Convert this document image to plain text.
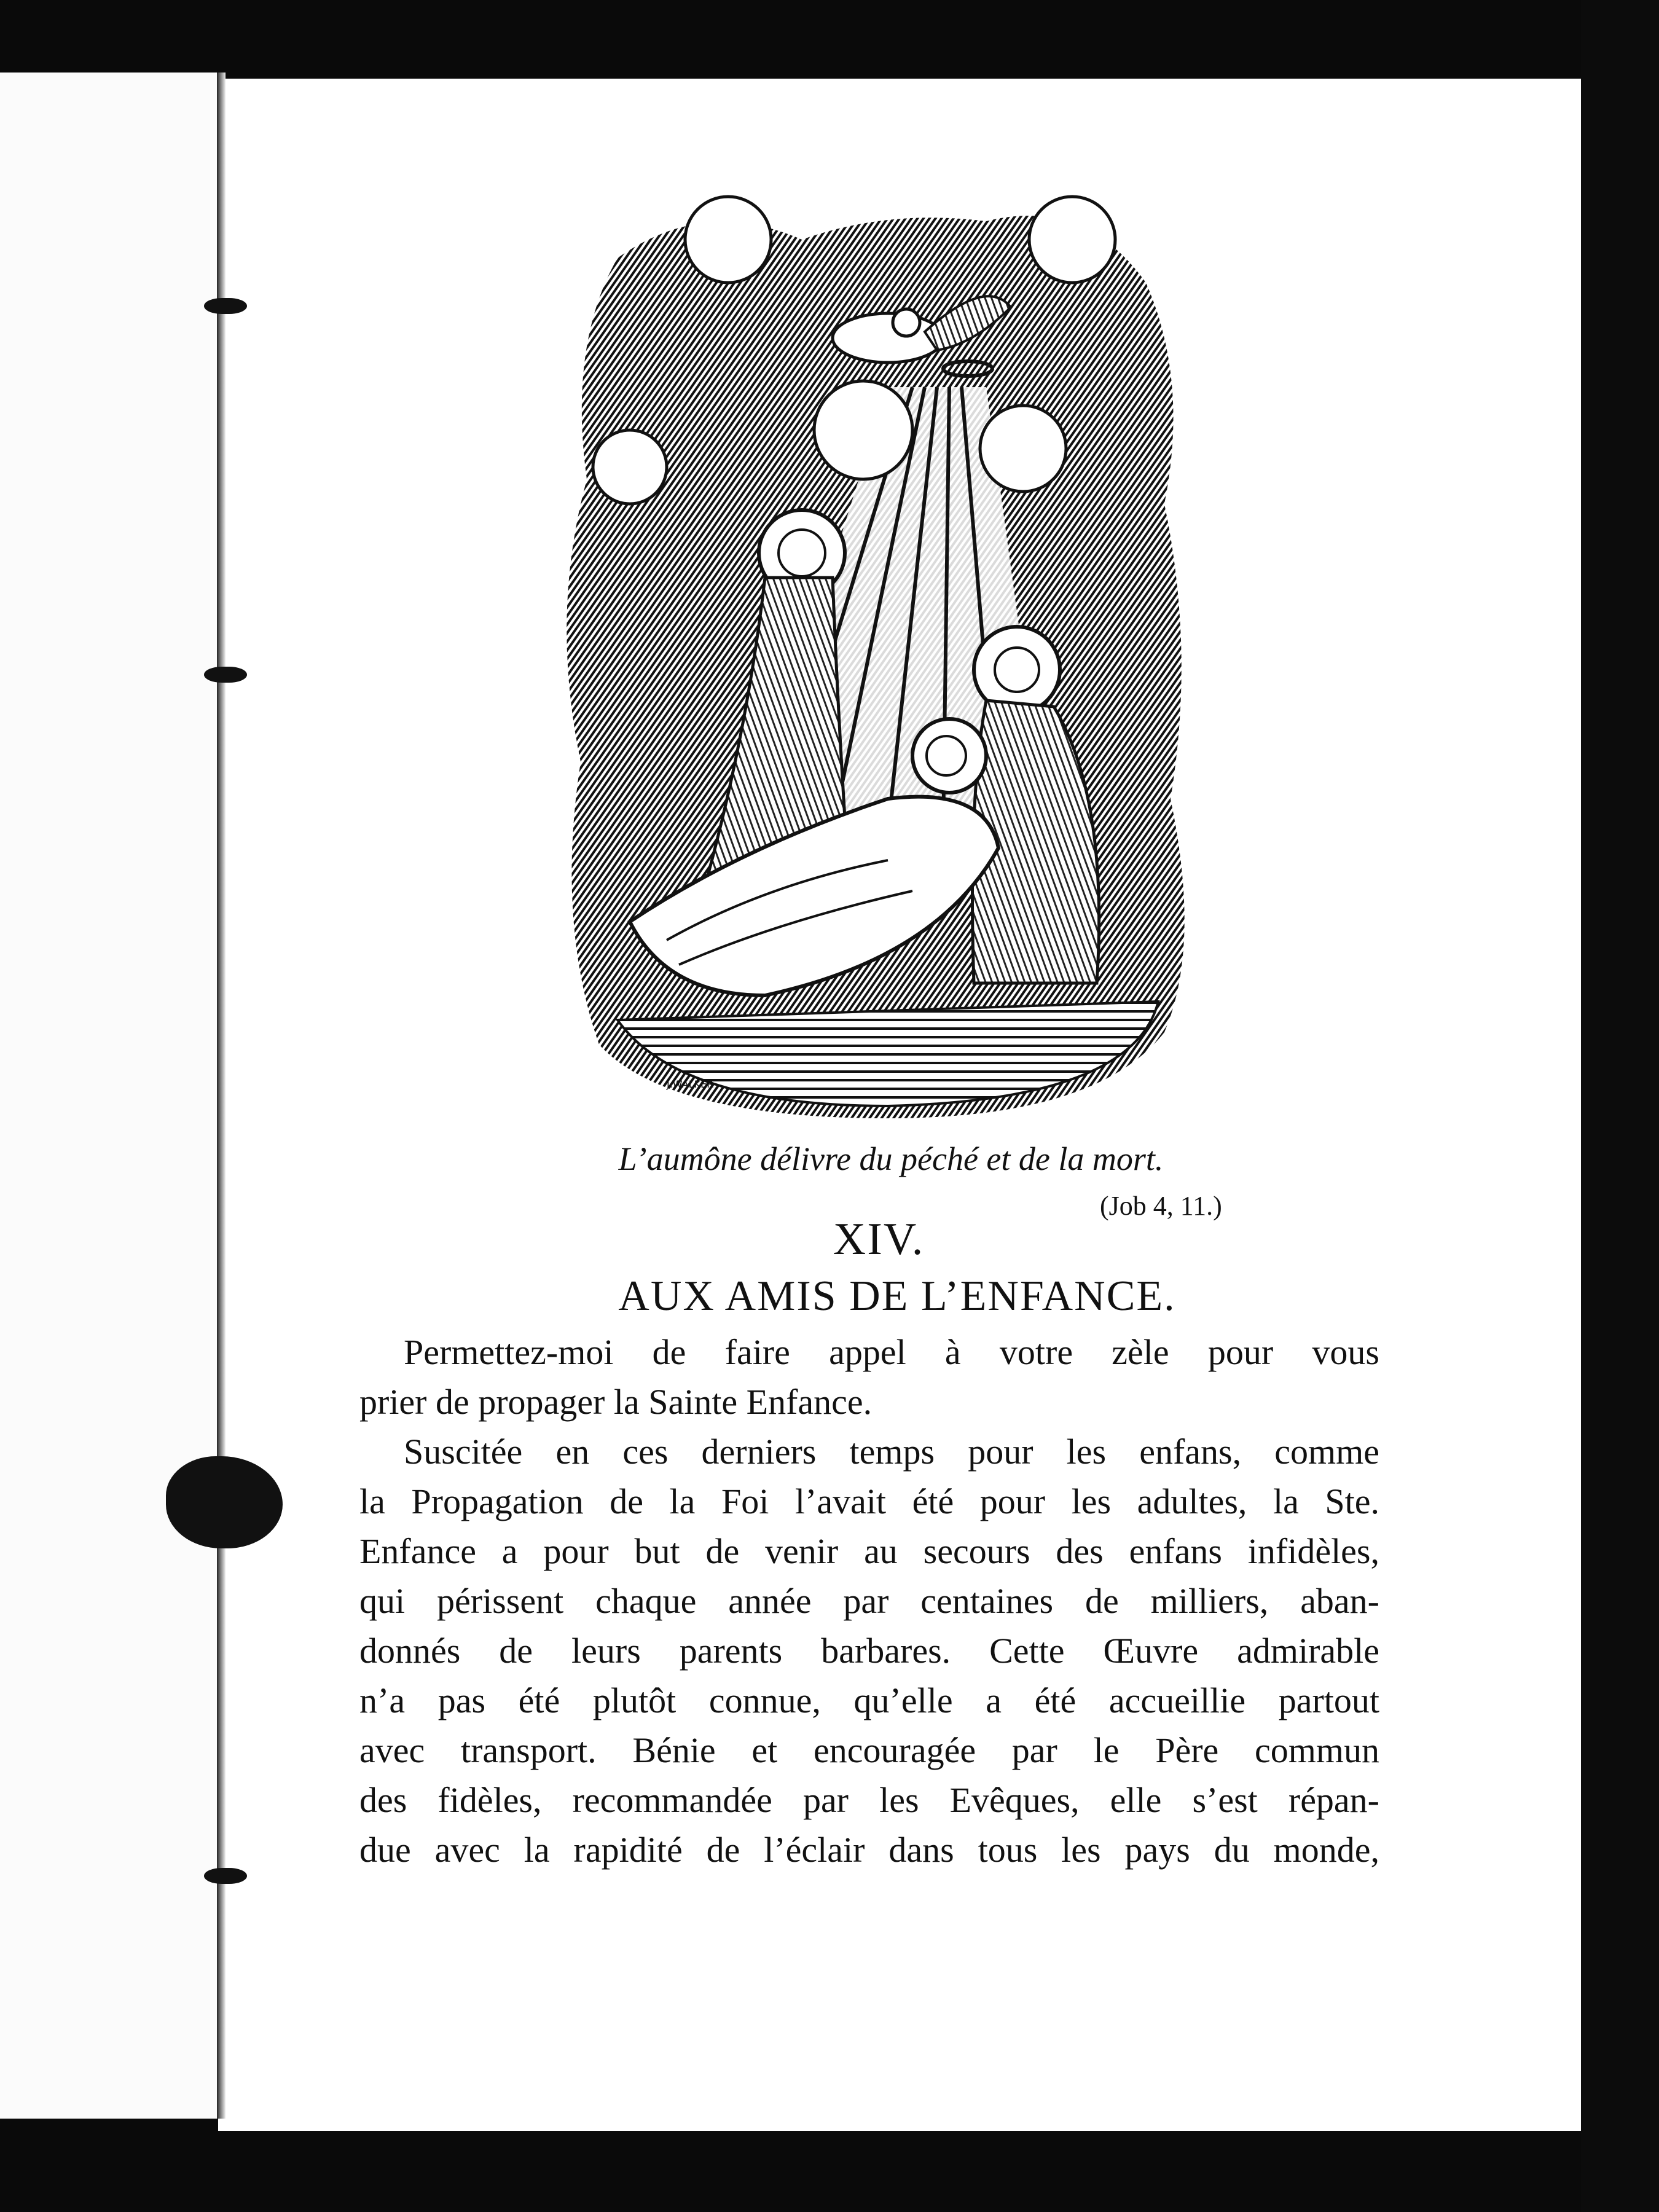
J.WALKER
L’aumône délivre du péché et de la mort.
(Job 4, 11.)
XIV.
AUX AMIS DE L’ENFANCE.

Permettez-moi de faire appel à votre zèle pour vous
prier de propager la Sainte Enfance.

Suscitée en ces derniers temps pour les enfans, comme
la Propagation de la Foi l’avait été pour les adultes, la Ste.
Enfance a pour but de venir au secours des enfans infidèles,
qui périssent chaque année par centaines de milliers, aban-
donnés de leurs parents barbares. Cette Œuvre admirable
n’a pas été plutôt connue, qu’elle a été accueillie partout
avec transport. Bénie et encouragée par le Père commun
des fidèles, recommandée par les Evêques, elle s’est répan-
due avec la rapidité de l’éclair dans tous les pays du monde,
